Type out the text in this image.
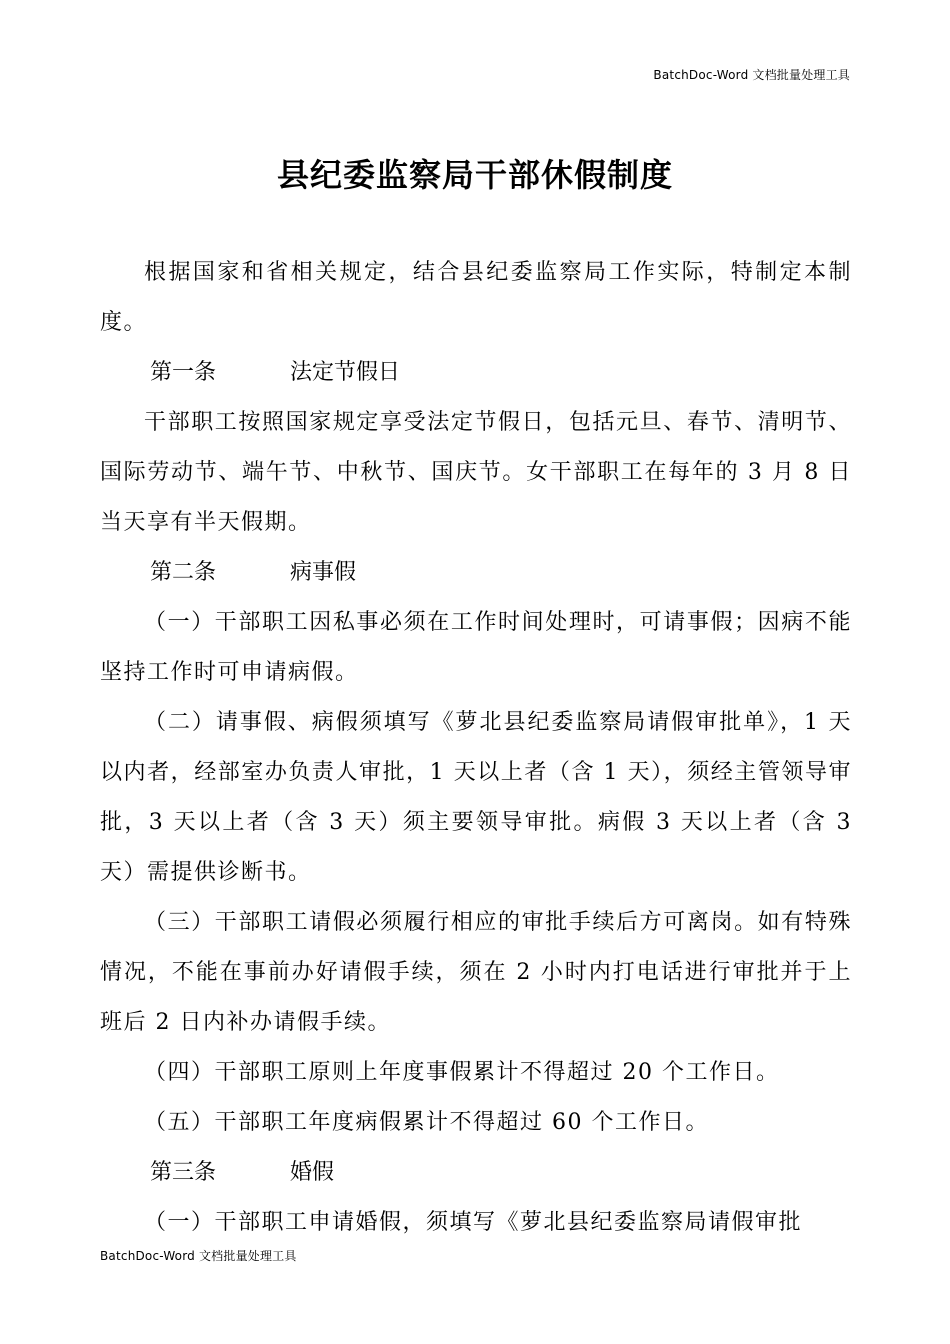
BatchDoc-Word 文档批量处理工具
县纪委监察局干部休假制度

根据国家和省相关规定，结合县纪委监察局工作实际，特制定本制度。

第一条	法定节假日

干部职工按照国家规定享受法定节假日，包括元旦、春节、清明节、国际劳动节、端午节、中秋节、国庆节。女干部职工在每年的 3 月 8 日当天享有半天假期。

第二条	病事假

（一）干部职工因私事必须在工作时间处理时，可请事假；因病不能坚持工作时可申请病假。

（二）请事假、病假须填写《萝北县纪委监察局请假审批单》，1 天以内者，经部室办负责人审批，1 天以上者（含 1 天），须经主管领导审批，3 天以上者（含 3 天）须主要领导审批。病假 3 天以上者（含 3 天）需提供诊断书。

（三）干部职工请假必须履行相应的审批手续后方可离岗。如有特殊情况，不能在事前办好请假手续，须在 2 小时内打电话进行审批并于上班后 2 日内补办请假手续。

（四）干部职工原则上年度事假累计不得超过 20 个工作日。

（五）干部职工年度病假累计不得超过 60 个工作日。

第三条	婚假

（一）干部职工申请婚假，须填写《萝北县纪委监察局请假审批

BatchDoc-Word 文档批量处理工具
